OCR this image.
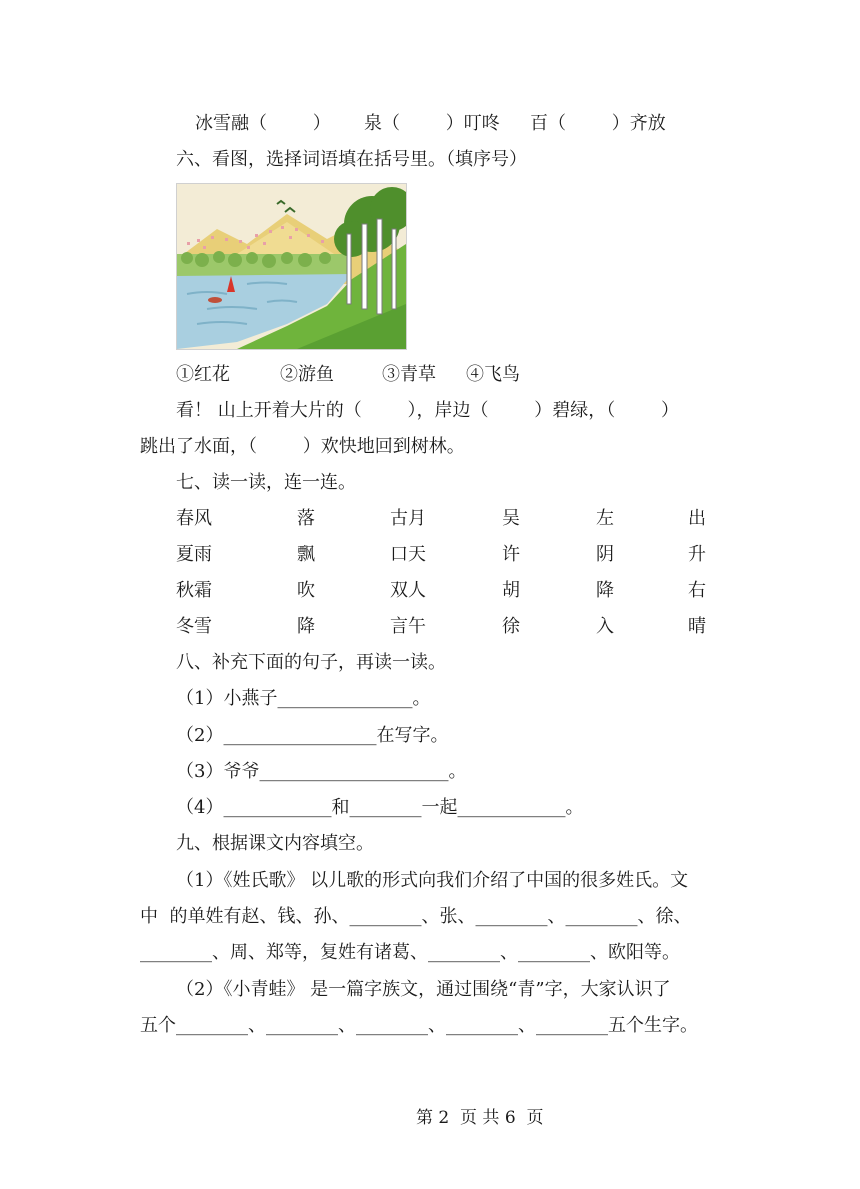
冰雪融（        ） 泉（        ）叮咚 百（        ）齐放
六、看图，选择词语填在括号里。（填序号）
①红花	②游鱼	③青草 ④飞鸟
看！ 山上开着大片的（        ），岸边（        ）碧绿，（        ）
跳出了水面，（        ）欢快地回到树林。
七、读一读，连一连。
春风	落	古月	吴	左	出
夏雨	飘	口天	许	阴	升
秋霜	吹	双人	胡	降	右
冬雪	降	言午	徐	入	晴
八、补充下面的句子，再读一读。
（1）小燕子_______________。
（2）_________________在写字。
（3）爷爷_____________________。
（4）____________和________一起____________。
九、根据课文内容填空。
（1）《姓氏歌》 以儿歌的形式向我们介绍了中国的很多姓氏。文
中  的单姓有赵、钱、孙、________、张、________、________、徐、
________、周、郑等，复姓有诸葛、________、________、欧阳等。
（2）《小青蛙》 是一篇字族文，通过围绕“青”字，大家认识了
五个________、________、________、________、________五个生字。
第 2  页 共 6  页
